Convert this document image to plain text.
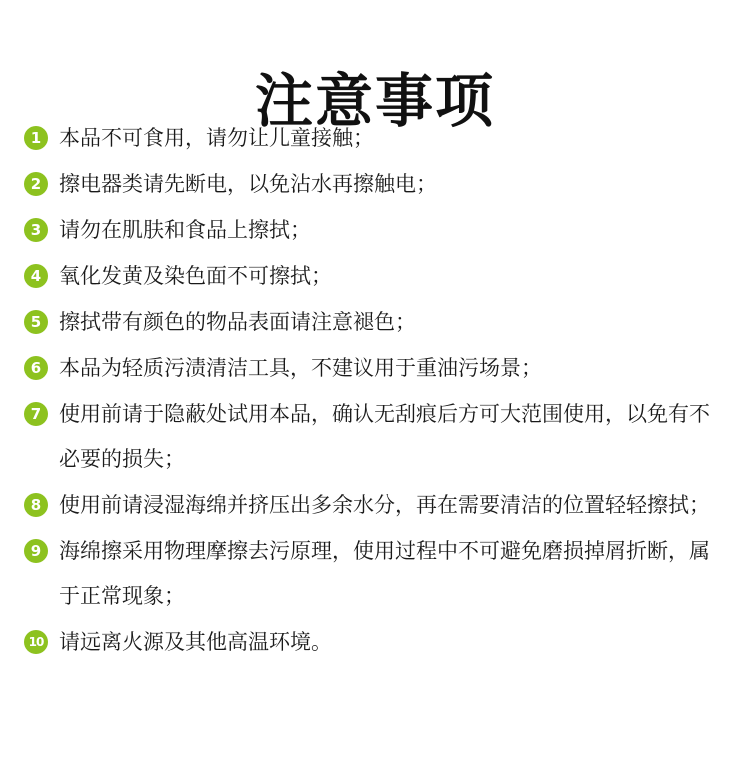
注意事项
1 本品不可食用，请勿让儿童接触；
2 擦电器类请先断电，以免沾水再擦触电；
3 请勿在肌肤和食品上擦拭；
4 氧化发黄及染色面不可擦拭；
5 擦拭带有颜色的物品表面请注意褪色；
6 本品为轻质污渍清洁工具，不建议用于重油污场景；
7 使用前请于隐蔽处试用本品，确认无刮痕后方可大范围使用，以免有不必要的损失；
8 使用前请浸湿海绵并挤压出多余水分，再在需要清洁的位置轻轻擦拭；
9 海绵擦采用物理摩擦去污原理，使用过程中不可避免磨损掉屑折断，属于正常现象；
10 请远离火源及其他高温环境。
